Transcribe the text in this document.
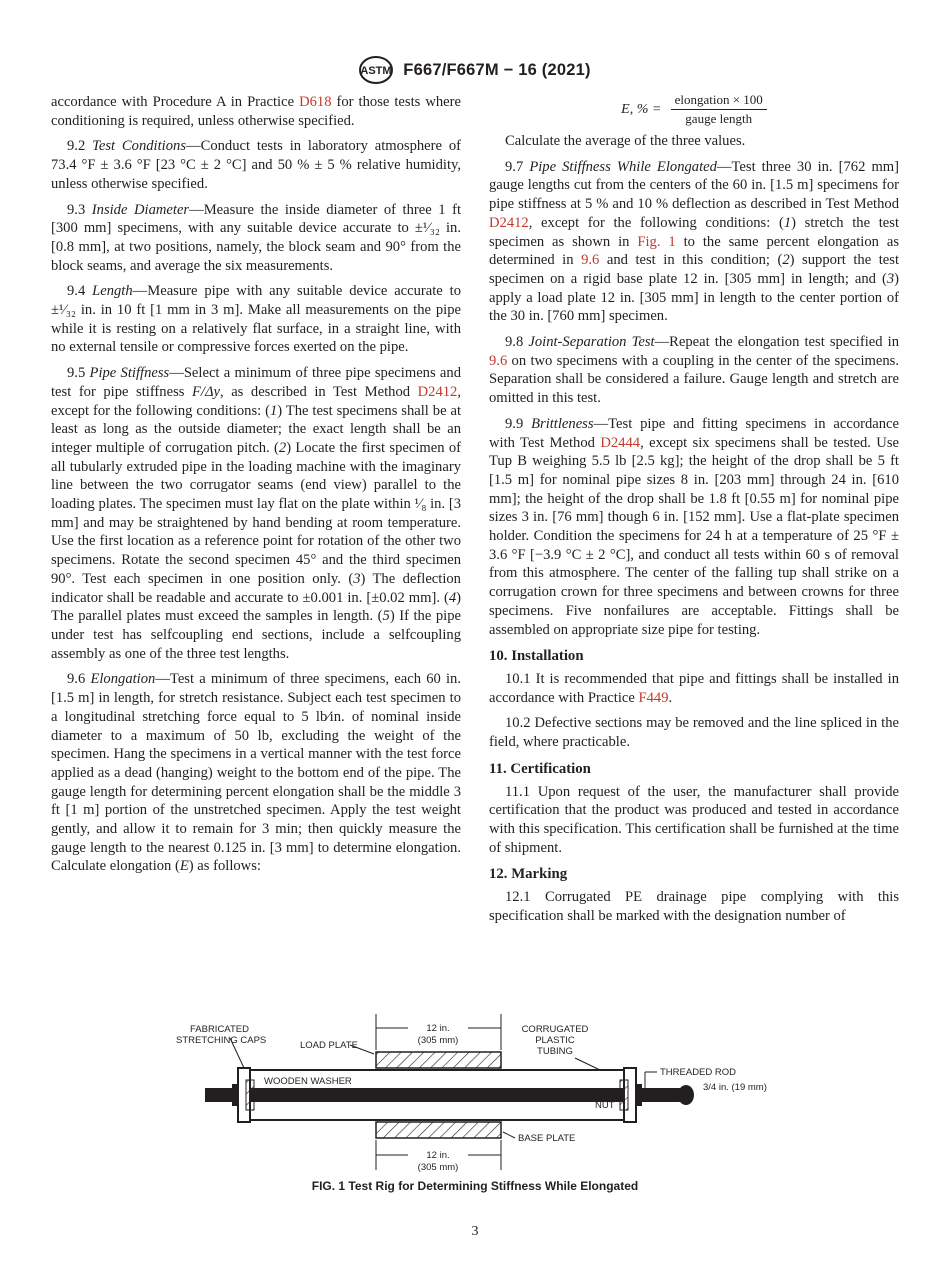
ASTM F667/F667M − 16 (2021)

accordance with Procedure A in Practice D618 for those tests where conditioning is required, unless otherwise specified.

9.2 Test Conditions—Conduct tests in laboratory atmosphere of 73.4 °F ± 3.6 °F [23 °C ± 2 °C] and 50 % ± 5 % relative humidity, unless otherwise specified.

9.3 Inside Diameter—Measure the inside diameter of three 1 ft [300 mm] specimens, with any suitable device accurate to ±¹⁄₃₂ in. [0.8 mm], at two positions, namely, the block seam and 90° from the block seams, and average the six measurements.

9.4 Length—Measure pipe with any suitable device accurate to ±¹⁄₃₂ in. in 10 ft [1 mm in 3 m]. Make all measurements on the pipe while it is resting on a relatively flat surface, in a straight line, with no external tensile or compressive forces exerted on the pipe.

9.5 Pipe Stiffness—Select a minimum of three pipe specimens and test for pipe stiffness F/Δy, as described in Test Method D2412, except for the following conditions: (1) The test specimens shall be at least as long as the outside diameter; the exact length shall be an integer multiple of corrugation pitch. (2) Locate the first specimen of all tubularly extruded pipe in the loading machine with the imaginary line between the two corrugator seams (end view) parallel to the loading plates. The specimen must lay flat on the plate within ¹⁄₈ in. [3 mm] and may be straightened by hand bending at room temperature. Use the first location as a reference point for rotation of the other two specimens. Rotate the second specimen 45° and the third specimen 90°. Test each specimen in one position only. (3) The deflection indicator shall be readable and accurate to ±0.001 in. [±0.02 mm]. (4) The parallel plates must exceed the samples in length. (5) If the pipe under test has selfcoupling end sections, include a selfcoupling assembly as one of the three test lengths.

9.6 Elongation—Test a minimum of three specimens, each 60 in. [1.5 m] in length, for stretch resistance. Subject each test specimen to a longitudinal stretching force equal to 5 lb⁄in. of nominal inside diameter to a maximum of 50 lb, excluding the weight of the specimen. Hang the specimens in a vertical manner with the test force applied as a dead (hanging) weight to the bottom end of the pipe. The gauge length for determining percent elongation shall be the middle 3 ft [1 m] portion of the unstretched specimen. Apply the test weight gently, and allow it to remain for 3 min; then quickly measure the gauge length to the nearest 0.125 in. [3 mm] to determine elongation. Calculate elongation (E) as follows:

E, % = $\frac{\text{elongation × 100}}{\text{gauge length}}$

Calculate the average of the three values.

9.7 Pipe Stiffness While Elongated—Test three 30 in. [762 mm] gauge lengths cut from the centers of the 60 in. [1.5 m] specimens for pipe stiffness at 5 % and 10 % deflection as described in Test Method D2412, except for the following conditions: (1) stretch the test specimen as shown in Fig. 1 to the same percent elongation as determined in 9.6 and test in this condition; (2) support the test specimen on a rigid base plate 12 in. [305 mm] in length; and (3) apply a load plate 12 in. [305 mm] in length to the center portion of the 30 in. [760 mm] specimen.

9.8 Joint-Separation Test—Repeat the elongation test specified in 9.6 on two specimens with a coupling in the center of the specimens. Separation shall be considered a failure. Gauge length and stretch are omitted in this test.

9.9 Brittleness—Test pipe and fitting specimens in accordance with Test Method D2444, except six specimens shall be tested. Use Tup B weighing 5.5 lb [2.5 kg]; the height of the drop shall be 5 ft [1.5 m] for nominal pipe sizes 8 in. [203 mm] through 24 in. [610 mm]; the height of the drop shall be 1.8 ft [0.55 m] for nominal pipe sizes 3 in. [76 mm] though 6 in. [152 mm]. Use a flat-plate specimen holder. Condition the specimens for 24 h at a temperature of 25 °F ± 3.6 °F [−3.9 °C ± 2 °C], and conduct all tests within 60 s of removal from this atmosphere. The center of the falling tup shall strike on a corrugation crown for three specimens and between crowns for three specimens. Five nonfailures are acceptable. Fittings shall be assembled on appropriate size pipe for testing.

10. Installation

10.1 It is recommended that pipe and fittings shall be installed in accordance with Practice F449.

10.2 Defective sections may be removed and the line spliced in the field, where practicable.

11. Certification

11.1 Upon request of the user, the manufacturer shall provide certification that the product was produced and tested in accordance with this specification. This certification shall be furnished at the time of shipment.

12. Marking

12.1 Corrugated PE drainage pipe complying with this specification shall be marked with the designation number of

FABRICATED
STRETCHING CAPS	LOAD PLATE
12 in.
(305 mm)
CORRUGATED
PLASTIC
TUBING
THREADED ROD
3/4 in. (19 mm)
WOODEN WASHER
NUT
BASE PLATE
12 in.
(305 mm)
FIG. 1 Test Rig for Determining Stiffness While Elongated
3
